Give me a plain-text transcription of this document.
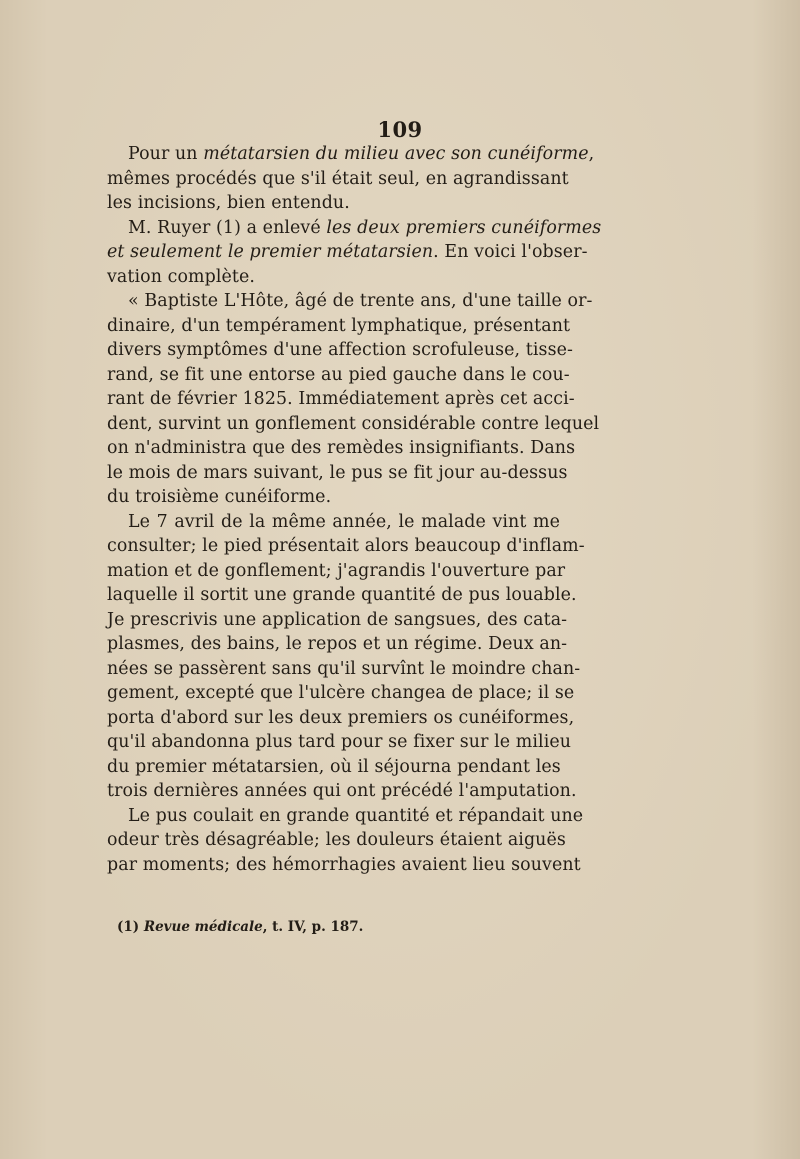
109
Pour un métatarsien du milieu avec son cunéiforme,
mêmes procédés que s'il était seul, en agrandissant
les incisions, bien entendu.
M. Ruyer (1) a enlevé les deux premiers cunéiformes
et seulement le premier métatarsien. En voici l'obser-
vation complète.
« Baptiste L'Hôte, âgé de trente ans, d'une taille or-
dinaire, d'un tempérament lymphatique, présentant
divers symptômes d'une affection scrofuleuse, tisse-
rand, se fit une entorse au pied gauche dans le cou-
rant de février 1825. Immédiatement après cet acci-
dent, survint un gonflement considérable contre lequel
on n'administra que des remèdes insignifiants. Dans
le mois de mars suivant, le pus se fit jour au-dessus
du troisième cunéiforme.
Le 7 avril de la même année, le malade vint me
consulter; le pied présentait alors beaucoup d'inflam-
mation et de gonflement; j'agrandis l'ouverture par
laquelle il sortit une grande quantité de pus louable.
Je prescrivis une application de sangsues, des cata-
plasmes, des bains, le repos et un régime. Deux an-
nées se passèrent sans qu'il survînt le moindre chan-
gement, excepté que l'ulcère changea de place; il se
porta d'abord sur les deux premiers os cunéiformes,
qu'il abandonna plus tard pour se fixer sur le milieu
du premier métatarsien, où il séjourna pendant les
trois dernières années qui ont précédé l'amputation.
Le pus coulait en grande quantité et répandait une
odeur très désagréable; les douleurs étaient aiguës
par moments; des hémorrhagies avaient lieu souvent
(1) Revue médicale, t. IV, p. 187.
